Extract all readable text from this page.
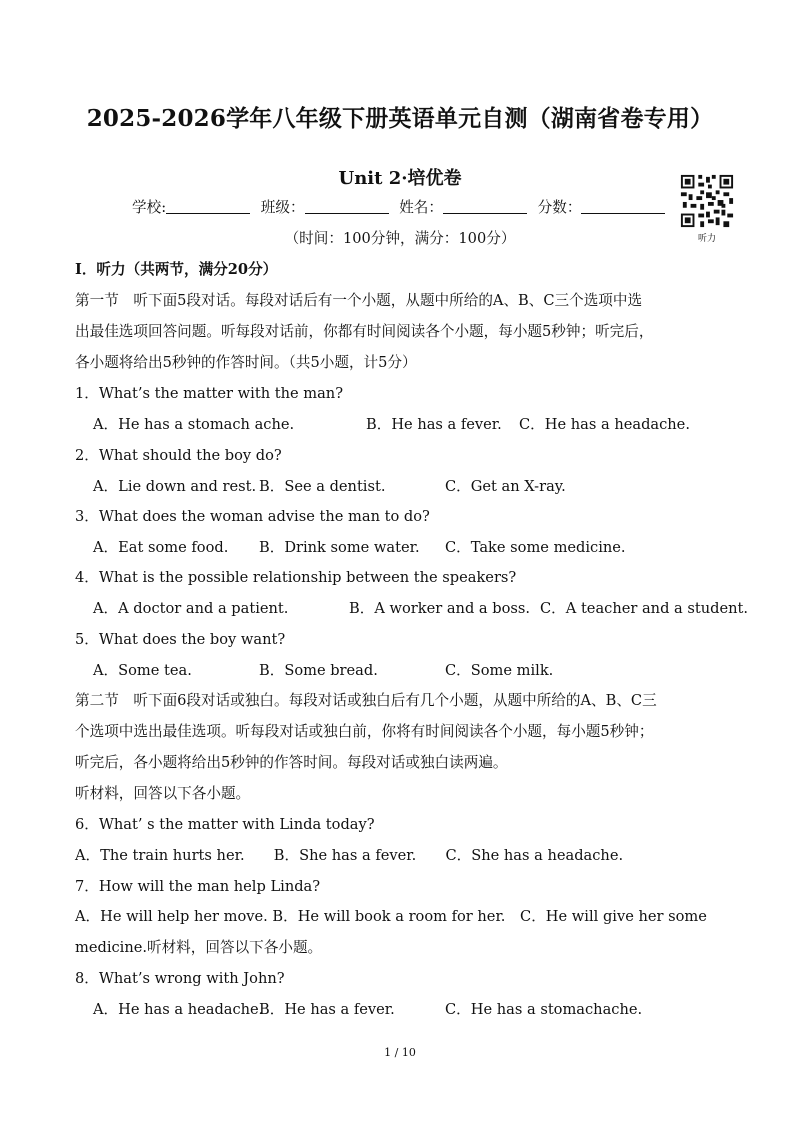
2025-2026学年八年级下册英语单元自测（湖南省卷专用）
Unit 2·培优卷
学校:	班级：	姓名：	分数：
听力
（时间：100分钟，满分：100分）
I．听力（共两节，满分20分）
第一节　听下面5段对话。每段对话后有一个小题，从题中所给的A、B、C三个选项中选
出最佳选项回答问题。听每段对话前，你都有时间阅读各个小题，每小题5秒钟；听完后，
各小题将给出5秒钟的作答时间。（共5小题，计5分）
1．What’s the matter with the man?
A．He has a stomach ache.	B．He has a fever. C．He has a headache.
2．What should the boy do?
A．Lie down and rest. B．See a dentist.	C．Get an X-ray.
3．What does the woman advise the man to do?
A．Eat some food. B．Drink some water. C．Take some medicine.
4．What is the possible relationship between the speakers?
A．A doctor and a patient.	B．A worker and a boss. C．A teacher and a student.
5．What does the boy want?
A．Some tea.	B．Some bread.	C．Some milk.
第二节　听下面6段对话或独白。每段对话或独白后有几个小题，从题中所给的A、B、C三
个选项中选出最佳选项。听每段对话或独白前，你将有时间阅读各个小题，每小题5秒钟；
听完后，各小题将给出5秒钟的作答时间。每段对话或独白读两遍。
听材料，回答以下各小题。
6．What’ s the matter with Linda today?
A．The train hurts her.　　B．She has a fever.　　C．She has a headache.
7．How will the man help Linda?
A．He will help her move. B．He will book a room for her.　C．He will give her some
medicine.听材料，回答以下各小题。
8．What’s wrong with John?
A．He has a headache.
B．He has a fever.	C．He has a stomachache.
1 / 10
